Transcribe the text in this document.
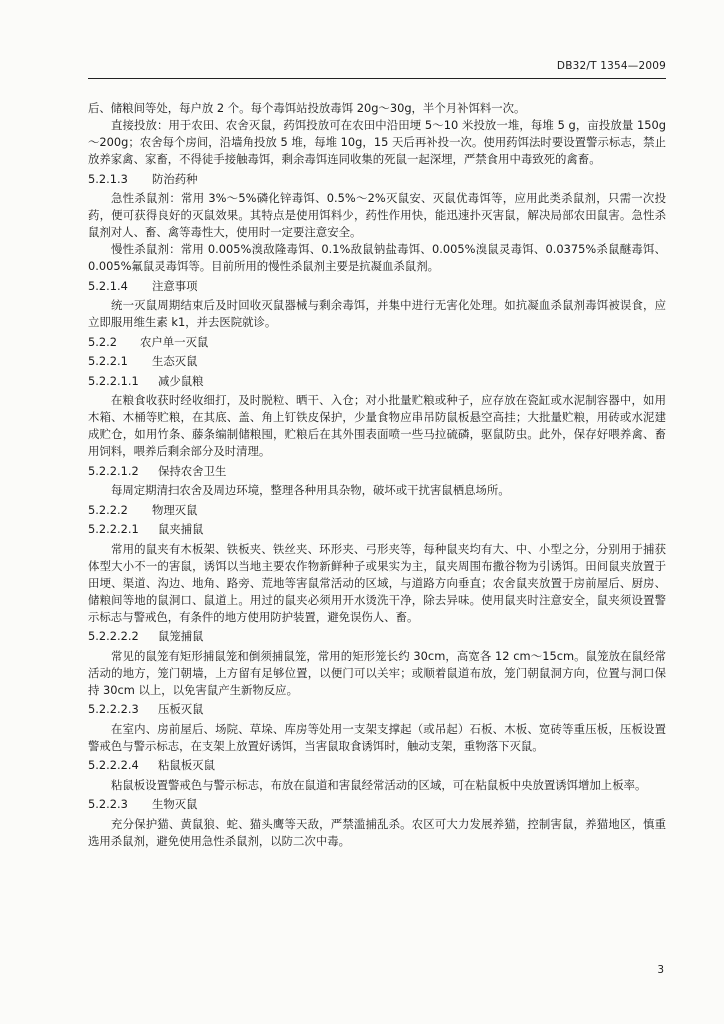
DB32/T 1354—2009

后、储粮间等处，每户放 2 个。每个毒饵站投放毒饵 20g～30g，半个月补饵料一次。

直接投放：用于农田、农舍灭鼠，药饵投放可在农田中沿田埂 5～10 米投放一堆，每堆 5 g，亩投放量 150g～200g；农舍每个房间，沿墙角投放 5 堆，每堆 10g，15 天后再补投一次。使用药饵法时要设置警示标志，禁止放养家禽、家畜，不得徒手接触毒饵，剩余毒饵连同收集的死鼠一起深埋，严禁食用中毒致死的禽畜。

5.2.1.3 防治药种

急性杀鼠剂：常用 3%～5%磷化锌毒饵、0.5%～2%灭鼠安、灭鼠优毒饵等，应用此类杀鼠剂，只需一次投药，便可获得良好的灭鼠效果。其特点是使用饵料少，药性作用快，能迅速扑灭害鼠，解决局部农田鼠害。急性杀鼠剂对人、畜、禽等毒性大，使用时一定要注意安全。

慢性杀鼠剂：常用 0.005%溴敌隆毒饵、0.1%敌鼠钠盐毒饵、0.005%溴鼠灵毒饵、0.0375%杀鼠醚毒饵、0.005%氟鼠灵毒饵等。目前所用的慢性杀鼠剂主要是抗凝血杀鼠剂。

5.2.1.4 注意事项

统一灭鼠周期结束后及时回收灭鼠器械与剩余毒饵，并集中进行无害化处理。如抗凝血杀鼠剂毒饵被误食，应立即服用维生素 k1，并去医院就诊。

5.2.2 农户单一灭鼠

5.2.2.1 生态灭鼠

5.2.2.1.1 减少鼠粮

在粮食收获时经收细打，及时脱粒、晒干、入仓；对小批量贮粮或种子，应存放在瓷缸或水泥制容器中，如用木箱、木桶等贮粮，在其底、盖、角上钉铁皮保护，少量食物应串吊防鼠板悬空高挂；大批量贮粮，用砖或水泥建成贮仓，如用竹条、藤条编制储粮囤，贮粮后在其外围表面喷一些马拉硫磷，驱鼠防虫。此外，保存好喂养禽、畜用饲料，喂养后剩余部分及时清理。

5.2.2.1.2 保持农舍卫生

每周定期清扫农舍及周边环境，整理各种用具杂物，破坏或干扰害鼠栖息场所。

5.2.2.2 物理灭鼠

5.2.2.2.1 鼠夹捕鼠

常用的鼠夹有木板架、铁板夹、铁丝夹、环形夹、弓形夹等，每种鼠夹均有大、中、小型之分，分别用于捕获体型大小不一的害鼠，诱饵以当地主要农作物新鲜种子或果实为主，鼠夹周围布撒谷物为引诱饵。田间鼠夹放置于田埂、渠道、沟边、地角、路旁、荒地等害鼠常活动的区域，与道路方向垂直；农舍鼠夹放置于房前屋后、厨房、储粮间等地的鼠洞口、鼠道上。用过的鼠夹必须用开水烫洗干净，除去异味。使用鼠夹时注意安全，鼠夹须设置警示标志与警戒色，有条件的地方使用防护装置，避免误伤人、畜。

5.2.2.2.2 鼠笼捕鼠

常见的鼠笼有矩形捕鼠笼和倒须捕鼠笼，常用的矩形笼长约 30cm，高宽各 12 cm～15cm。鼠笼放在鼠经常活动的地方，笼门朝墙，上方留有足够位置，以便门可以关牢；或顺着鼠道布放，笼门朝鼠洞方向，位置与洞口保持 30cm 以上，以免害鼠产生新物反应。

5.2.2.2.3 压板灭鼠

在室内、房前屋后、场院、草垛、库房等处用一支架支撑起（或吊起）石板、木板、宽砖等重压板，压板设置警戒色与警示标志，在支架上放置好诱饵，当害鼠取食诱饵时，触动支架，重物落下灭鼠。

5.2.2.2.4 粘鼠板灭鼠

粘鼠板设置警戒色与警示标志，布放在鼠道和害鼠经常活动的区域，可在粘鼠板中央放置诱饵增加上板率。

5.2.2.3 生物灭鼠

充分保护猫、黄鼠狼、蛇、猫头鹰等天敌，严禁滥捕乱杀。农区可大力发展养猫，控制害鼠，养猫地区，慎重选用杀鼠剂，避免使用急性杀鼠剂，以防二次中毒。

3
